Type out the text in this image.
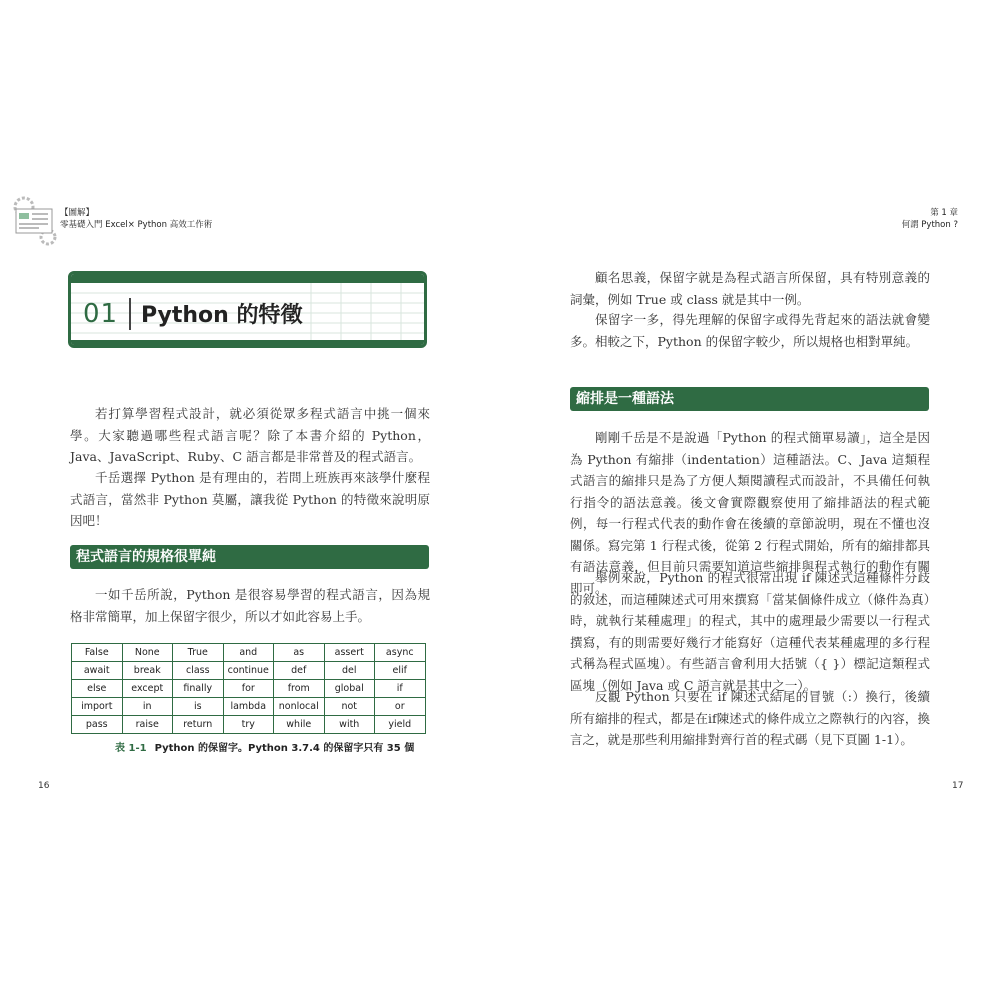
【圖解】
零基礎入門 Excel× Python 高效工作術
第 1 章
何謂 Python ?
01 Python 的特徵
若打算學習程式設計，就必須從眾多程式語言中挑一個來學。大家聽過哪些程式語言呢？除了本書介紹的 Python，Java、JavaScript、Ruby、C 語言都是非常普及的程式語言。
千岳選擇 Python 是有理由的，若問上班族再來該學什麼程式語言，當然非 Python 莫屬，讓我從 Python 的特徵來說明原因吧！
程式語言的規格很單純
一如千岳所說，Python 是很容易學習的程式語言，因為規格非常簡單，加上保留字很少，所以才如此容易上手。
False	None	True	and	as	assert	async
await	break	class	continue	def	del	elif
else	except	finally	for	from	global	if
import	in	is	lambda	nonlocal	not	or
pass	raise	return	try	while	with	yield
表 1-1 Python 的保留字。Python 3.7.4 的保留字只有 35 個
16
顧名思義，保留字就是為程式語言所保留，具有特別意義的詞彙，例如 True 或 class 就是其中一例。
保留字一多，得先理解的保留字或得先背起來的語法就會變多。相較之下，Python 的保留字較少，所以規格也相對單純。
縮排是一種語法
剛剛千岳是不是說過「Python 的程式簡單易讀」，這全是因為 Python 有縮排（indentation）這種語法。C、Java 這類程式語言的縮排只是為了方便人類閱讀程式而設計，不具備任何執行指令的語法意義。後文會實際觀察使用了縮排語法的程式範例，每一行程式代表的動作會在後續的章節說明，現在不懂也沒關係。寫完第 1 行程式後，從第 2 行程式開始，所有的縮排都具有語法意義，但目前只需要知道這些縮排與程式執行的動作有關即可。
舉例來說，Python 的程式很常出現 if 陳述式這種條件分歧的敘述，而這種陳述式可用來撰寫「當某個條件成立（條件為真）時，就執行某種處理」的程式，其中的處理最少需要以一行程式撰寫，有的則需要好幾行才能寫好（這種代表某種處理的多行程式稱為程式區塊）。有些語言會利用大括號（{ }）標記這類程式區塊（例如 Java 或 C 語言就是其中之一）。
反觀 Python 只要在 if 陳述式結尾的冒號（:）換行，後續所有縮排的程式，都是在if陳述式的條件成立之際執行的內容，換言之，就是那些利用縮排對齊行首的程式碼（見下頁圖 1-1）。
17
